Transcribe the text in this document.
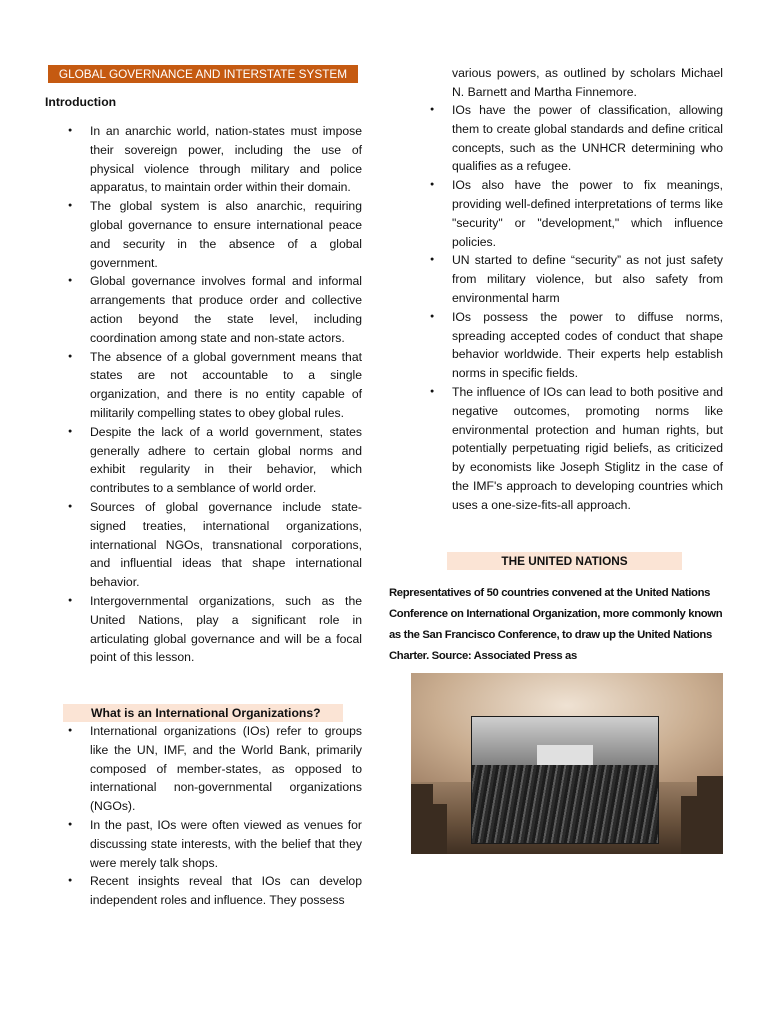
GLOBAL GOVERNANCE AND INTERSTATE SYSTEM
Introduction
● In an anarchic world, nation-states must impose their sovereign power, including the use of physical violence through military and police apparatus, to maintain order within their domain.
● The global system is also anarchic, requiring global governance to ensure international peace and security in the absence of a global government.
● Global governance involves formal and informal arrangements that produce order and collective action beyond the state level, including coordination among state and non-state actors.
● The absence of a global government means that states are not accountable to a single organization, and there is no entity capable of militarily compelling states to obey global rules.
● Despite the lack of a world government, states generally adhere to certain global norms and exhibit regularity in their behavior, which contributes to a semblance of world order.
● Sources of global governance include state-signed treaties, international organizations, international NGOs, transnational corporations, and influential ideas that shape international behavior.
● Intergovernmental organizations, such as the United Nations, play a significant role in articulating global governance and will be a focal point of this lesson.
What is an International Organizations?
● International organizations (IOs) refer to groups like the UN, IMF, and the World Bank, primarily composed of member-states, as opposed to international non-governmental organizations (NGOs).
● In the past, IOs were often viewed as venues for discussing state interests, with the belief that they were merely talk shops.
● Recent insights reveal that IOs can develop independent roles and influence. They possess
various powers, as outlined by scholars Michael N. Barnett and Martha Finnemore.
● IOs have the power of classification, allowing them to create global standards and define critical concepts, such as the UNHCR determining who qualifies as a refugee.
● IOs also have the power to fix meanings, providing well-defined interpretations of terms like "security" or "development," which influence policies.
● UN started to define “security” as not just safety from military violence, but also safety from environmental harm
● IOs possess the power to diffuse norms, spreading accepted codes of conduct that shape behavior worldwide. Their experts help establish norms in specific fields.
● The influence of IOs can lead to both positive and negative outcomes, promoting norms like environmental protection and human rights, but potentially perpetuating rigid beliefs, as criticized by economists like Joseph Stiglitz in the case of the IMF's approach to developing countries which uses a one-size-fits-all approach.
THE UNITED NATIONS
Representatives of 50 countries convened at the United Nations Conference on International Organization, more commonly known as the San Francisco Conference, to draw up the United Nations Charter. Source: Associated Press as
